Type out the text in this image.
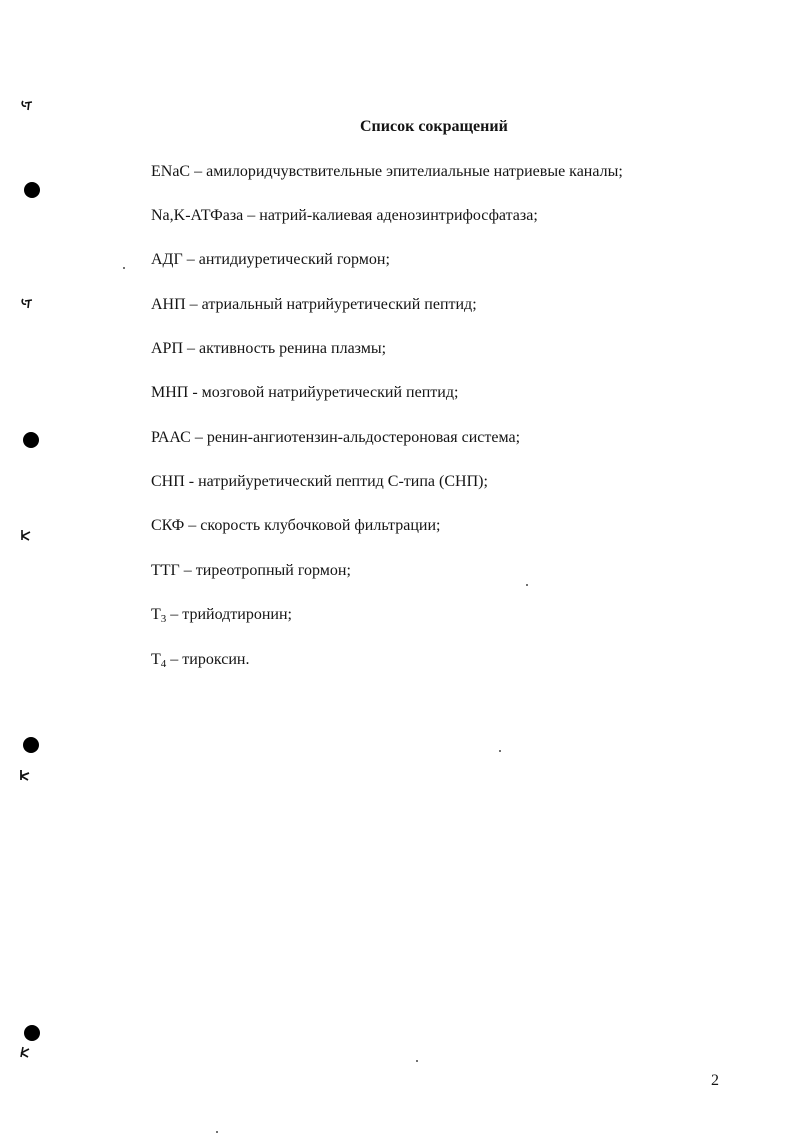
Список сокращений
ENaC – амилоридчувствительные эпителиальные натриевые каналы;
Na,K-АТФаза – натрий-калиевая аденозинтрифосфатаза;
АДГ – антидиуретический гормон;
АНП – атриальный натрийуретический пептид;
АРП – активность ренина плазмы;
МНП - мозговой натрийуретический пептид;
РААС – ренин-ангиотензин-альдостероновая система;
СНП - натрийуретический пептид С-типа (СНП);
СКФ – скорость клубочковой фильтрации;
ТТГ – тиреотропный гормон;
$Т_3$ – трийодтиронин;
$Т_4$ – тироксин.
2
